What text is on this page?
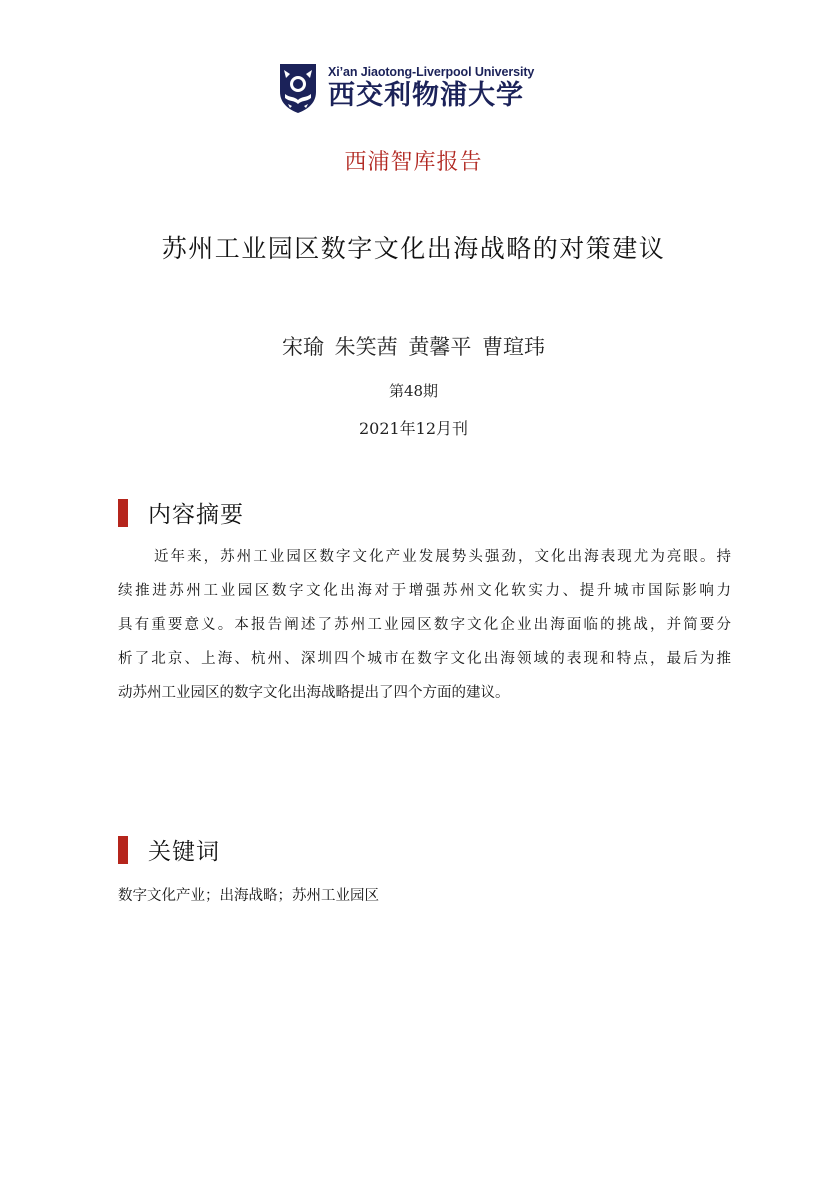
Xi’an Jiaotong-Liverpool University
西交利物浦大学
西浦智库报告
苏州工业园区数字文化出海战略的对策建议
宋瑜 朱笑茜 黄馨平 曹瑄玮
第48期
2021年12月刊
内容摘要

近年来，苏州工业园区数字文化产业发展势头强劲，文化出海表现尤为亮眼。持
续推进苏州工业园区数字文化出海对于增强苏州文化软实力、提升城市国际影响力
具有重要意义。本报告阐述了苏州工业园区数字文化企业出海面临的挑战，并简要分
析了北京、上海、杭州、深圳四个城市在数字文化出海领域的表现和特点，最后为推
动苏州工业园区的数字文化出海战略提出了四个方面的建议。

关键词
数字文化产业；出海战略；苏州工业园区
